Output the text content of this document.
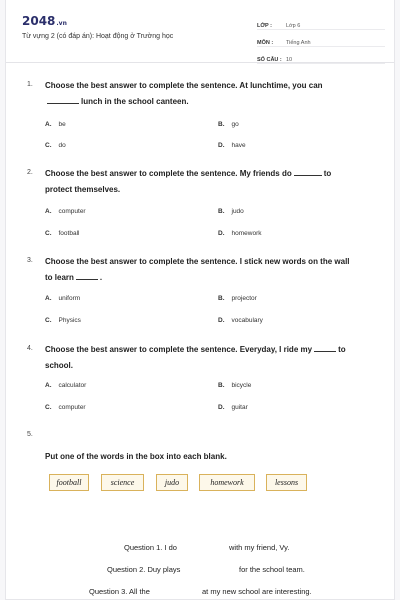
2048.vn
Từ vựng 2 (có đáp án): Hoạt động ở Trường học
LỚP :	Lớp 6
MÔN :	Tiếng Anh
SỐ CÂU : 10
1. Choose the best answer to complete the sentence. At lunchtime, you can
lunch in the school canteen.
A. be	B. go
C. do	D. have
2. Choose the best answer to complete the sentence. My friends do	to
protect themselves.
A. computer	B. judo
C. football	D. homework
3. Choose the best answer to complete the sentence. I stick new words on the wall
to learn	.
A. uniform	B. projector
C. Physics	D. vocabulary
4. Choose the best answer to complete the sentence. Everyday, I ride my	to
school.
A. calculator	B. bicycle
C. computer	D. guitar
5.
Put one of the words in the box into each blank.
football	science	judo	homework	lessons
Question 1. I do	with my friend, Vy.
Question 2. Duy plays	for the school team.
Question 3. All the	at my new school are interesting.
